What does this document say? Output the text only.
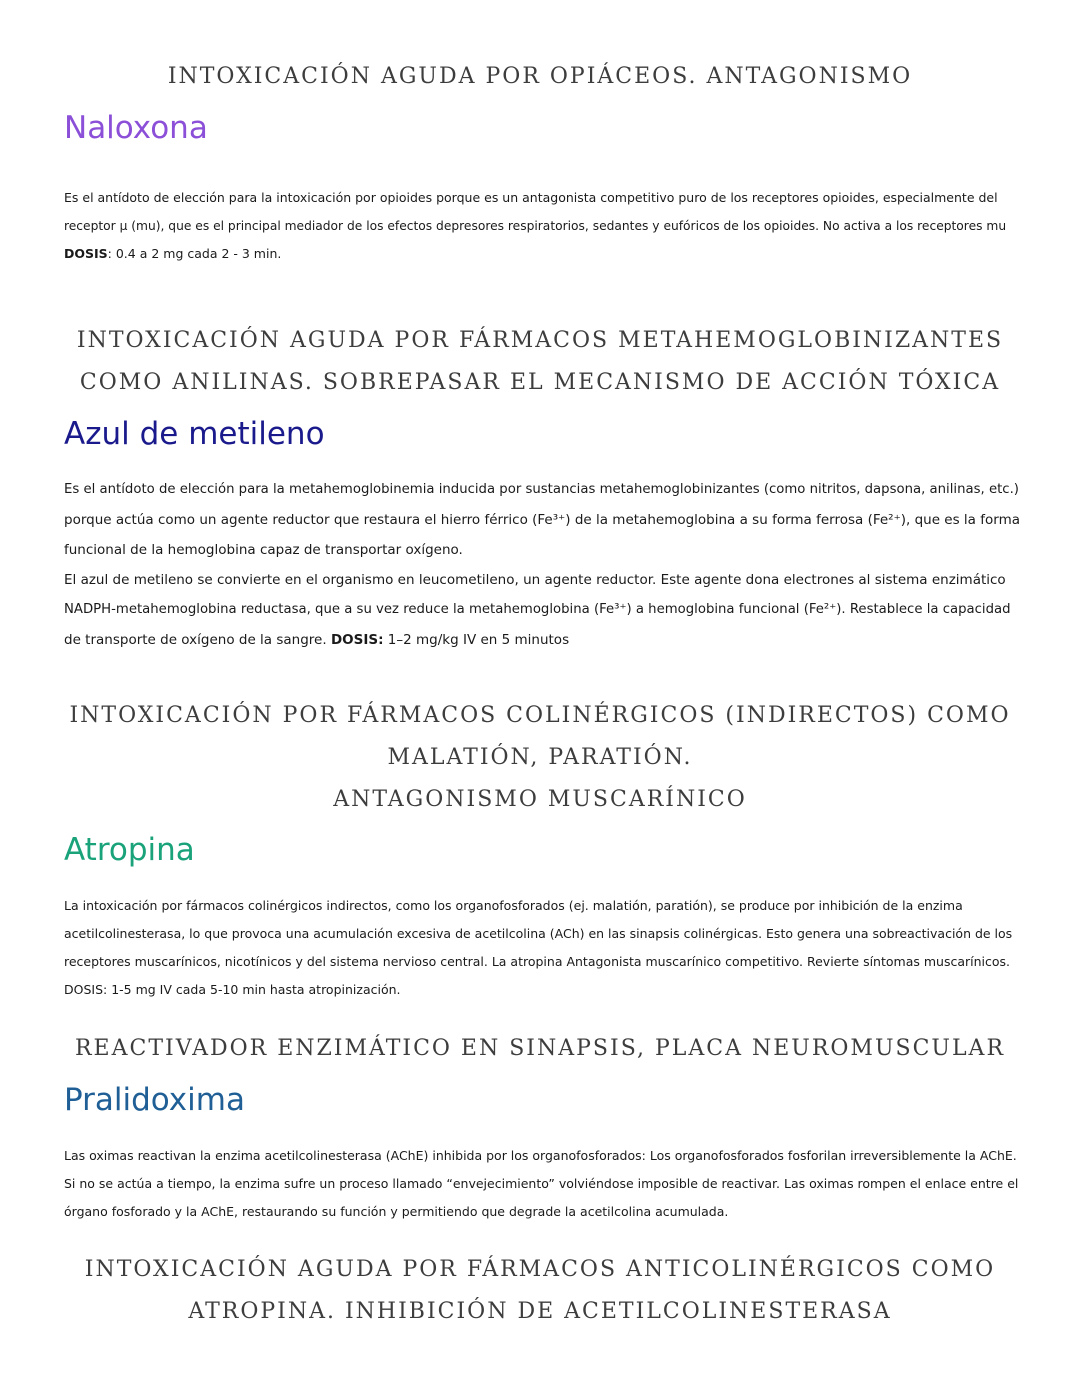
INTOXICACIÓN AGUDA POR OPIÁCEOS. ANTAGONISMO
Naloxona
Es el antídoto de elección para la intoxicación por opioides porque es un antagonista competitivo puro de los receptores opioides, especialmente del
receptor μ (mu), que es el principal mediador de los efectos depresores respiratorios, sedantes y eufóricos de los opioides. No activa a los receptores mu
DOSIS: 0.4 a 2 mg cada 2 - 3 min.
INTOXICACIÓN AGUDA POR FÁRMACOS METAHEMOGLOBINIZANTES
COMO ANILINAS. SOBREPASAR EL MECANISMO DE ACCIÓN TÓXICA
Azul de metileno
Es el antídoto de elección para la metahemoglobinemia inducida por sustancias metahemoglobinizantes (como nitritos, dapsona, anilinas, etc.)
porque actúa como un agente reductor que restaura el hierro férrico (Fe³⁺) de la metahemoglobina a su forma ferrosa (Fe²⁺), que es la forma
funcional de la hemoglobina capaz de transportar oxígeno.
El azul de metileno se convierte en el organismo en leucometileno, un agente reductor. Este agente dona electrones al sistema enzimático
NADPH-metahemoglobina reductasa, que a su vez reduce la metahemoglobina (Fe³⁺) a hemoglobina funcional (Fe²⁺). Restablece la capacidad
de transporte de oxígeno de la sangre. DOSIS: 1–2 mg/kg IV en 5 minutos
INTOXICACIÓN POR FÁRMACOS COLINÉRGICOS (INDIRECTOS) COMO
MALATIÓN, PARATIÓN.
ANTAGONISMO MUSCARÍNICO
Atropina
La intoxicación por fármacos colinérgicos indirectos, como los organofosforados (ej. malatión, paratión), se produce por inhibición de la enzima
acetilcolinesterasa, lo que provoca una acumulación excesiva de acetilcolina (ACh) en las sinapsis colinérgicas. Esto genera una sobreactivación de los
receptores muscarínicos, nicotínicos y del sistema nervioso central. La atropina Antagonista muscarínico competitivo. Revierte síntomas muscarínicos.
DOSIS: 1-5 mg IV cada 5-10 min hasta atropinización.
REACTIVADOR ENZIMÁTICO EN SINAPSIS, PLACA NEUROMUSCULAR
Pralidoxima
Las oximas reactivan la enzima acetilcolinesterasa (AChE) inhibida por los organofosforados: Los organofosforados fosforilan irreversiblemente la AChE.
Si no se actúa a tiempo, la enzima sufre un proceso llamado “envejecimiento” volviéndose imposible de reactivar. Las oximas rompen el enlace entre el
órgano fosforado y la AChE, restaurando su función y permitiendo que degrade la acetilcolina acumulada.
INTOXICACIÓN AGUDA POR FÁRMACOS ANTICOLINÉRGICOS COMO
ATROPINA. INHIBICIÓN DE ACETILCOLINESTERASA
